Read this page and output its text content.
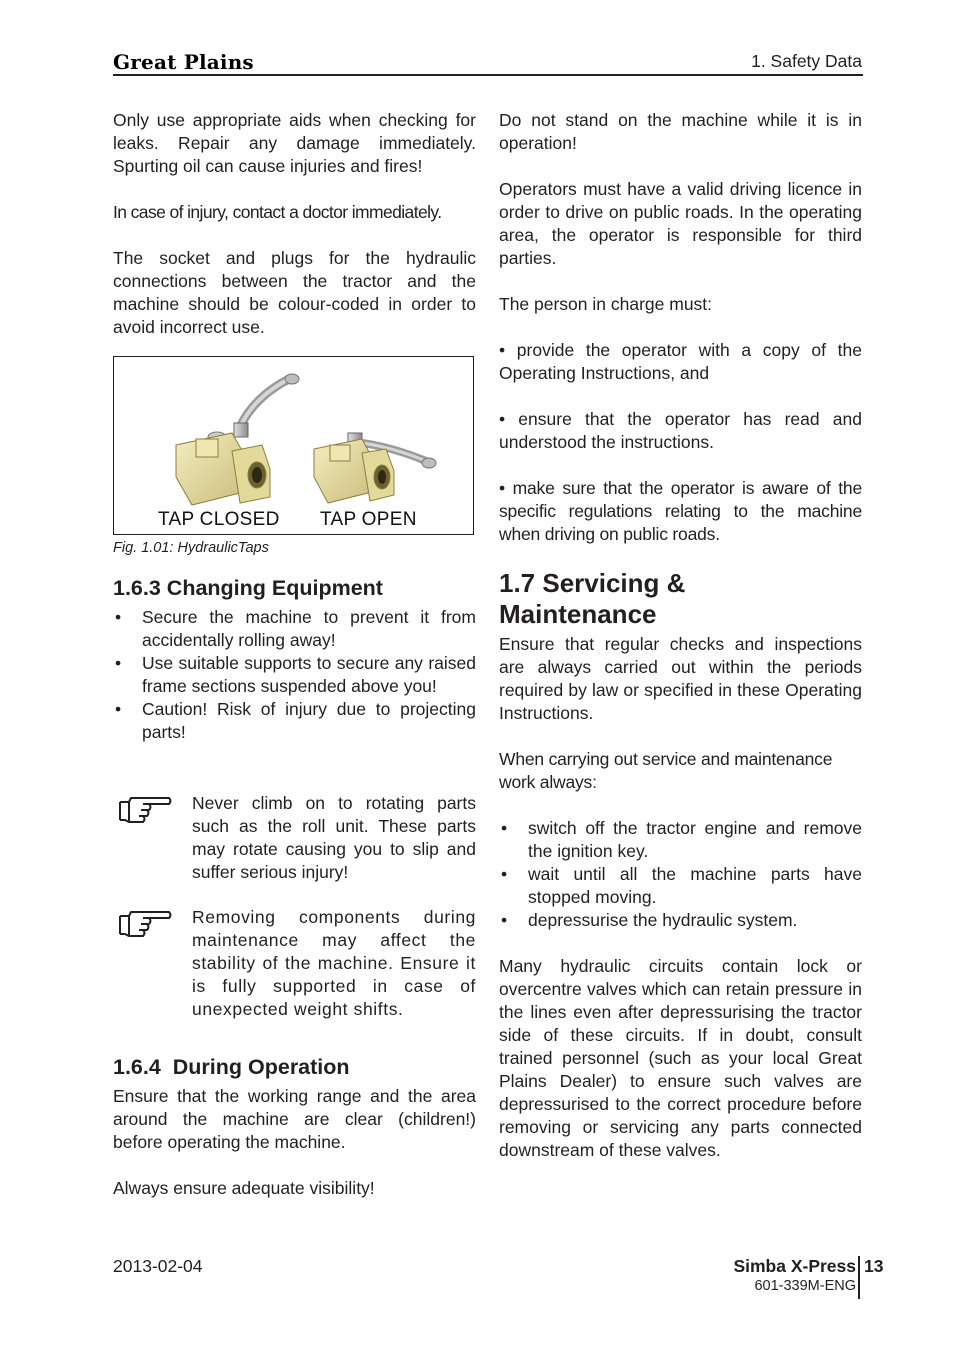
Great Plains	1. Safety Data

Only use appropriate aids when checking for leaks. Repair any damage immediately. Spurting oil can cause injuries and fires!

In case of injury, contact a doctor immediately.

The socket and plugs for the hydraulic connections between the tractor and the machine should be colour-coded in order to avoid incorrect use.

TAP CLOSED TAP OPEN
Fig. 1.01: HydraulicTaps
1.6.3 Changing Equipment
• Secure the machine to prevent it from accidentally rolling away!
• Use suitable supports to secure any raised frame sections suspended above you!
• Caution! Risk of injury due to projecting parts!

Never climb on to rotating parts such as the roll unit. These parts may rotate causing you to slip and suffer serious injury!

Removing components during maintenance may affect the stability of the machine. Ensure it is fully supported in case of unexpected weight shifts.

1.6.4  During Operation

Ensure that the working range and the area around the machine are clear (children!) before operating the machine.

Always ensure adequate visibility!

Do not stand on the machine while it is in operation!

Operators must have a valid driving licence in order to drive on public roads. In the operating area, the operator is responsible for third parties.

The person in charge must:

• provide the operator with a copy of the Operating Instructions, and

• ensure that the operator has read and understood the instructions.

• make sure that the operator is aware of the specific regulations relating to the machine when driving on public roads.

1.7 Servicing &
Maintenance

Ensure that regular checks and inspections are always carried out within the periods required by law or specified in these Operating Instructions.

When carrying out service and maintenance work always:

• switch off the tractor engine and remove the ignition key.
• wait until all the machine parts have stopped moving.
• depressurise the hydraulic system.

Many hydraulic circuits contain lock or overcentre valves which can retain pressure in the lines even after depressurising the tractor side of these circuits. If in doubt, consult trained personnel (such as your local Great Plains Dealer) to ensure such valves are depressurised to the correct procedure before removing or servicing any parts connected downstream of these valves.

2013-02-04	Simba X-Press
601-339M-ENG
13
